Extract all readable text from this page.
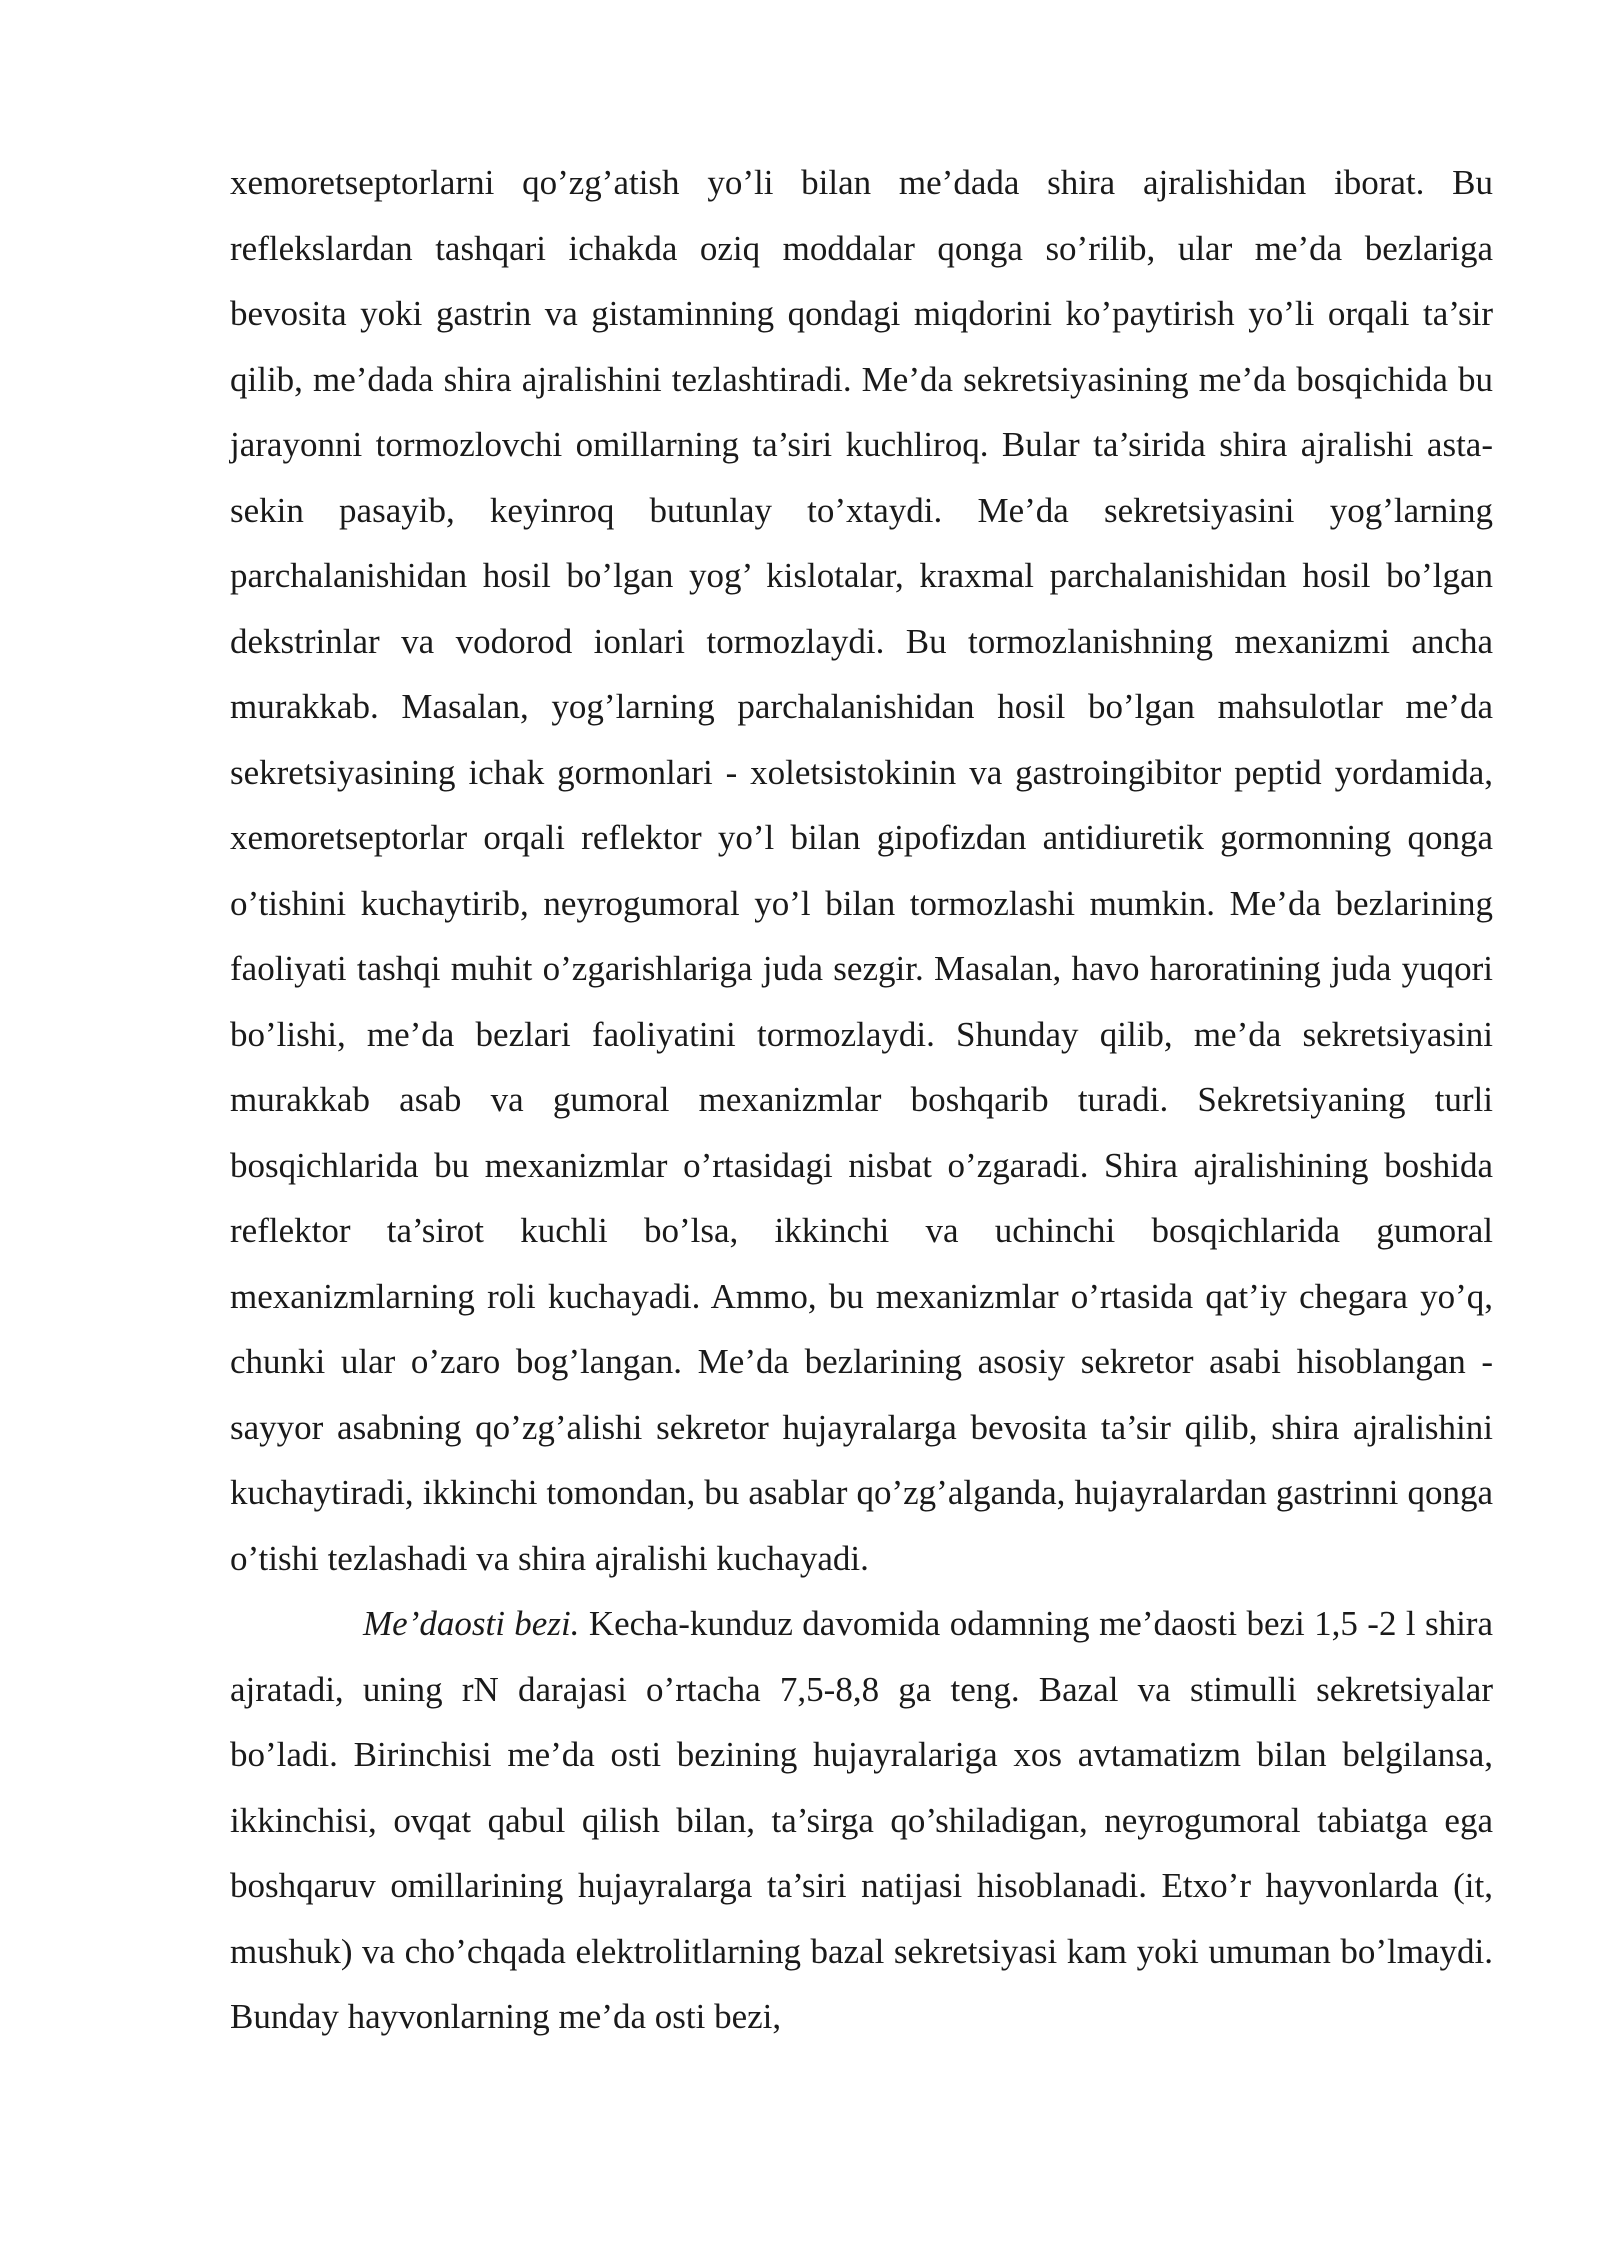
xemoretseptorlarni qo’zg’atish yo’li bilan me’dada shira ajralishidan iborat. Bu reflekslardan tashqari ichakda oziq moddalar qonga so’rilib, ular me’da bezlariga bevosita yoki gastrin va gistaminning qondagi miqdorini ko’paytirish yo’li orqali ta’sir qilib, me’dada shira ajralishini tezlashtiradi. Me’da sekretsiyasining me’da bosqichida bu jarayonni tormozlovchi omillarning ta’siri kuchliroq. Bular ta’sirida shira ajralishi asta-sekin pasayib, keyinroq butunlay to’xtaydi. Me’da sekretsiyasini yog’larning parchalanishidan hosil bo’lgan yog’ kislotalar, kraxmal parchalanishidan hosil bo’lgan dekstrinlar va vodorod ionlari tormozlaydi. Bu tormozlanishning mexanizmi ancha murakkab. Masalan, yog’larning parchalanishidan hosil bo’lgan mahsulotlar me’da sekretsiyasining ichak gormonlari - xoletsistokinin va gastroingibitor peptid yordamida, xemoretseptorlar orqali reflektor yo’l bilan gipofizdan antidiuretik gormonning qonga o’tishini kuchaytirib, neyrogumoral yo’l bilan tormozlashi mumkin. Me’da bezlarining faoliyati tashqi muhit o’zgarishlariga juda sezgir. Masalan, havo haroratining juda yuqori bo’lishi, me’da bezlari faoliyatini tormozlaydi. Shunday qilib, me’da sekretsiyasini murakkab asab va gumoral mexanizmlar boshqarib turadi. Sekretsiyaning turli bosqichlarida bu mexanizmlar o’rtasidagi nisbat o’zgaradi. Shira ajralishining boshida reflektor ta’sirot kuchli bo’lsa, ikkinchi va uchinchi bosqichlarida gumoral mexanizmlarning roli kuchayadi. Ammo, bu mexanizmlar o’rtasida qat’iy chegara yo’q, chunki ular o’zaro bog’langan. Me’da bezlarining asosiy sekretor asabi hisoblangan - sayyor asabning qo’zg’alishi sekretor hujayralarga bevosita ta’sir qilib, shira ajralishini kuchaytiradi, ikkinchi tomondan, bu asablar qo’zg’alganda, hujayralardan gastrinni qonga o’tishi tezlashadi va shira ajralishi kuchayadi.

Me’daosti bezi. Kecha-kunduz davomida odamning me’daosti bezi 1,5 -2 l shira ajratadi, uning rN darajasi o’rtacha 7,5-8,8 ga teng. Bazal va stimulli sekretsiyalar bo’ladi. Birinchisi me’da osti bezining hujayralariga xos avtamatizm bilan belgilansa, ikkinchisi, ovqat qabul qilish bilan, ta’sirga qo’shiladigan, neyrogumoral tabiatga ega boshqaruv omillarining hujayralarga ta’siri natijasi hisoblanadi. Etxo’r hayvonlarda (it, mushuk) va cho’chqada elektrolitlarning bazal sekretsiyasi kam yoki umuman bo’lmaydi. Bunday hayvonlarning me’da osti bezi,
